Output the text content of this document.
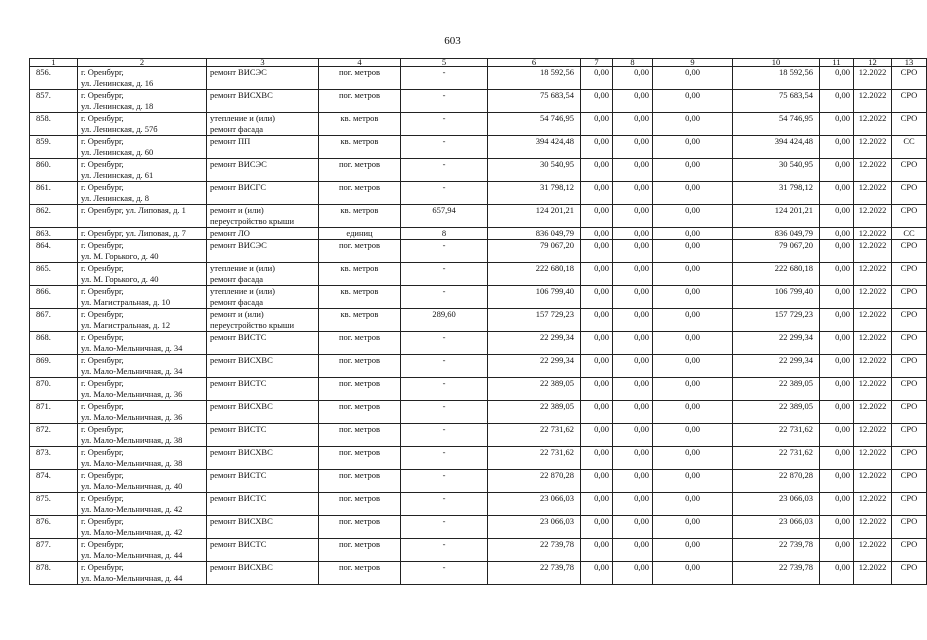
603
1	2	3	4	5	6	7	8	9	10	11	12	13

856.	г. Оренбург,
ул. Ленинская, д. 16	ремонт ВИСЭС	пог. метров	-	18 592,56	0,00	0,00	0,00	18 592,56	0,00	12.2022	СРО

857.	г. Оренбург,
ул. Ленинская, д. 18	ремонт ВИСХВС	пог. метров	-	75 683,54	0,00	0,00	0,00	75 683,54	0,00	12.2022	СРО

858.	г. Оренбург,
ул. Ленинская, д. 57б	утепление и (или)
ремонт фасада	кв. метров	-	54 746,95	0,00	0,00	0,00	54 746,95	0,00	12.2022	СРО

859.	г. Оренбург,
ул. Ленинская, д. 60	ремонт ПП	кв. метров	-	394 424,48	0,00	0,00	0,00	394 424,48	0,00	12.2022	СС

860.	г. Оренбург,
ул. Ленинская, д. 61	ремонт ВИСЭС	пог. метров	-	30 540,95	0,00	0,00	0,00	30 540,95	0,00	12.2022	СРО

861.	г. Оренбург,
ул. Ленинская, д. 8	ремонт ВИСГС	пог. метров	-	31 798,12	0,00	0,00	0,00	31 798,12	0,00	12.2022	СРО

862.	г. Оренбург, ул. Липовая, д. 1	ремонт и (или)
переустройство крыши	кв. метров	657,94	124 201,21	0,00	0,00	0,00	124 201,21	0,00	12.2022	СРО

863.	г. Оренбург, ул. Липовая, д. 7	ремонт ЛО	единиц	8	836 049,79	0,00	0,00	0,00	836 049,79	0,00	12.2022	СС

864.	г. Оренбург,
ул. М. Горького, д. 40	ремонт ВИСЭС	пог. метров	-	79 067,20	0,00	0,00	0,00	79 067,20	0,00	12.2022	СРО

865.	г. Оренбург,
ул. М. Горького, д. 40	утепление и (или)
ремонт фасада	кв. метров	-	222 680,18	0,00	0,00	0,00	222 680,18	0,00	12.2022	СРО

866.	г. Оренбург,
ул. Магистральная, д. 10	утепление и (или)
ремонт фасада	кв. метров	-	106 799,40	0,00	0,00	0,00	106 799,40	0,00	12.2022	СРО

867.	г. Оренбург,
ул. Магистральная, д. 12	ремонт и (или)
переустройство крыши	кв. метров	289,60	157 729,23	0,00	0,00	0,00	157 729,23	0,00	12.2022	СРО

868.	г. Оренбург,
ул. Мало-Мельничная, д. 34	ремонт ВИСТС	пог. метров	-	22 299,34	0,00	0,00	0,00	22 299,34	0,00	12.2022	СРО

869.	г. Оренбург,
ул. Мало-Мельничная, д. 34	ремонт ВИСХВС	пог. метров	-	22 299,34	0,00	0,00	0,00	22 299,34	0,00	12.2022	СРО

870.	г. Оренбург,
ул. Мало-Мельничная, д. 36	ремонт ВИСТС	пог. метров	-	22 389,05	0,00	0,00	0,00	22 389,05	0,00	12.2022	СРО

871.	г. Оренбург,
ул. Мало-Мельничная, д. 36	ремонт ВИСХВС	пог. метров	-	22 389,05	0,00	0,00	0,00	22 389,05	0,00	12.2022	СРО

872.	г. Оренбург,
ул. Мало-Мельничная, д. 38	ремонт ВИСТС	пог. метров	-	22 731,62	0,00	0,00	0,00	22 731,62	0,00	12.2022	СРО

873.	г. Оренбург,
ул. Мало-Мельничная, д. 38	ремонт ВИСХВС	пог. метров	-	22 731,62	0,00	0,00	0,00	22 731,62	0,00	12.2022	СРО

874.	г. Оренбург,
ул. Мало-Мельничная, д. 40	ремонт ВИСТС	пог. метров	-	22 870,28	0,00	0,00	0,00	22 870,28	0,00	12.2022	СРО

875.	г. Оренбург,
ул. Мало-Мельничная, д. 42	ремонт ВИСТС	пог. метров	-	23 066,03	0,00	0,00	0,00	23 066,03	0,00	12.2022	СРО

876.	г. Оренбург,
ул. Мало-Мельничная, д. 42	ремонт ВИСХВС	пог. метров	-	23 066,03	0,00	0,00	0,00	23 066,03	0,00	12.2022	СРО

877.	г. Оренбург,
ул. Мало-Мельничная, д. 44	ремонт ВИСТС	пог. метров	-	22 739,78	0,00	0,00	0,00	22 739,78	0,00	12.2022	СРО

878.	г. Оренбург,
ул. Мало-Мельничная, д. 44	ремонт ВИСХВС	пог. метров	-	22 739,78	0,00	0,00	0,00	22 739,78	0,00	12.2022	СРО
